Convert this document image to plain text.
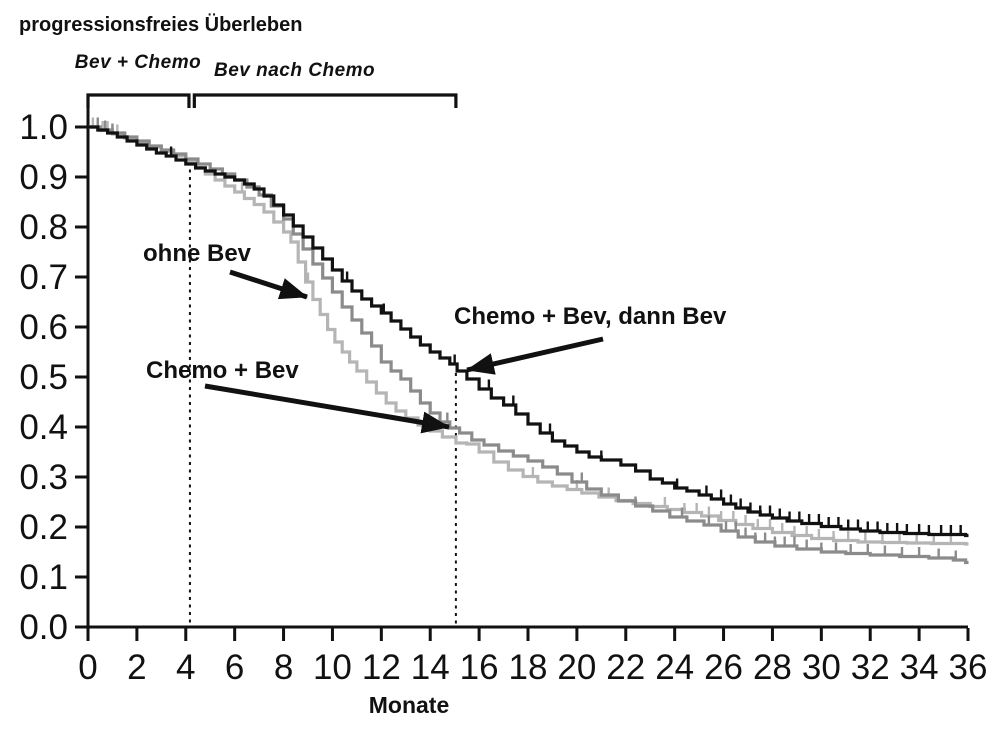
0.0
0.1
0.2
0.3
0.4
0.5
0.6
0.7
0.8
0.9
1.0
0 2 4 6 8 10 12 14 16 18 20 22 24 26 28 30 32 34 36
progressionsfreies Überleben
Bev + Chemo Bev nach Chemo
ohne Bev
Chemo + Bev
Chemo + Bev, dann Bev
Monate
